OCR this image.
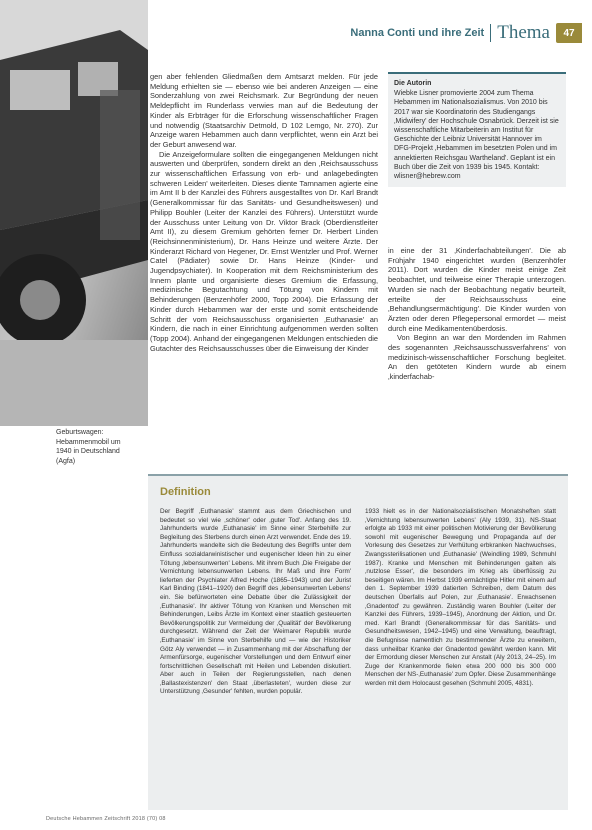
Nanna Conti und ihre Zeit Thema	47
Geburtswagen: Hebammenmobil um 1940 in Deutschland (Agfa)

gen aber fehlenden Gliedmaßen dem Amtsarzt melden. Für jede Meldung erhielten sie — ebenso wie bei anderen Anzeigen — eine Sonderzahlung von zwei Reichsmark. Zur Begründung der neuen Meldepflicht im Runderlass verwies man auf die Bedeutung der Kinder als Erbträger für die Erforschung wissenschaftlicher Fragen und notwendig (Staatsarchiv Detmold, D 102 Lemgo, Nr. 270). Zur Anzeige waren Hebammen auch dann verpflichtet, wenn ein Arzt bei der Geburt anwesend war.

Die Anzeigeformulare sollten die eingegangenen Meldungen nicht auswerten und überprüfen, sondern direkt an den ‚Reichsausschuss zur wissenschaftlichen Erfassung von erb- und anlagebedingten schweren Leiden' weiterleiten. Dieses diente Tarnnamen agierte eine im Amt II b der Kanzlei des Führers ausgestalltes von Dr. Karl Brandt (Generalkommissar für das Sanitäts- und Gesundheitswesen) und Philipp Bouhler (Leiter der Kanzlei des Führers). Unterstützt wurde der Ausschuss unter Leitung von Dr. Viktor Brack (Oberdienstleiter Amt II), zu diesem Gremium gehörten ferner Dr. Herbert Linden (Reichsinnenministerium), Dr. Hans Heinze und weitere Ärzte. Der Kinderarzt Richard von Hegener, Dr. Ernst Wentzler und Prof. Werner Catel (Pädiater) sowie Dr. Hans Heinze (Kinder- und Jugendpsychiater). In Kooperation mit dem Reichsministerium des Innern plante und organisierte dieses Gremium die Erfassung, medizinische Begutachtung und Tötung von Kindern mit Behinderungen (Benzenhöfer 2000, Topp 2004). Die Erfassung der Kinder durch Hebammen war der erste und somit entscheidende Schritt der vom Reichsausschuss organisierten ‚Euthanasie' an Kindern, die nach in einer Einrichtung aufgenommen werden sollten (Topp 2004). Anhand der eingegangenen Meldungen entschieden die Gutachter des Reichsausschusses über die Einweisung der Kinder

Die Autorin
Wiebke Lisner promovierte 2004 zum Thema Hebammen im Nationalsozialismus. Von 2010 bis 2017 war sie Koordinatorin des Studiengangs ‚Midwifery' der Hochschule Osnabrück. Derzeit ist sie wissenschaftliche Mitarbeiterin am Institut für Geschichte der Leibniz Universität Hannover im DFG-Projekt ‚Hebammen im besetzten Polen und im annektierten Reichsgau Wartheland'. Geplant ist ein Buch über die Zeit von 1939 bis 1945. Kontakt: wlisner@hebrew.com

in eine der 31 ‚Kinderfachabteilungen'. Die ab Frühjahr 1940 eingerichtet wurden (Benzenhöfer 2011). Dort wurden die Kinder meist einige Zeit beobachtet, und teilweise einer Therapie unterzogen. Wurden sie nach der Beobachtung negativ beurteilt, erteilte der Reichsausschuss eine ‚Behandlungsermächtigung'. Die Kinder wurden von Ärzten oder deren Pflegepersonal ermordet — meist durch eine Medikamentenüberdosis.

Von Beginn an war den Mordenden im Rahmen des sogenannten ‚Reichsausschussverfahrens' von medizinisch-wissenschaftlicher Forschung begleitet. An den getöteten Kindern wurde ab einem ‚kinderfachab-

Definition
Der Begriff ‚Euthanasie' stammt aus dem Griechischen und bedeutet so viel wie ‚schöner' oder ‚guter Tod'. Anfang des 19. Jahrhunderts wurde ‚Euthanasie' im Sinne einer Sterbehilfe zur Begleitung des Sterbens durch einen Arzt verwendet. Ende des 19. Jahrhunderts wandelte sich die Bedeutung des Begriffs unter dem Einfluss sozialdarwinistischer und eugenischer Ideen hin zu einer Tötung ‚lebensunwerten' Lebens. Mit ihrem Buch ‚Die Freigabe der Vernichtung lebensunwerten Lebens. Ihr Maß und ihre Form' lieferten der Psychiater Alfred Hoche (1865–1943) und der Jurist Karl Binding (1841–1920) den Begriff des ‚lebensunwerten Lebens' ein. Sie befürworteten eine Debatte über die Zulässigkeit der ‚Euthanasie'. Ihr aktiver Tötung von Kranken und Menschen mit Behinderungen, Leibs Ärzte im Kontext einer staatlich gesteuerten Bevölkerungspolitik zur Vermeidung der ‚Qualität' der Bevölkerung durchgesetzt. Während der Zeit der Weimarer Republik wurde ‚Euthanasie' im Sinne von Sterbehilfe und — wie der Historiker Götz Aly verwendet — in Zusammenhang mit der Abschaffung der Armenfürsorge, eugenischer Vorstellungen und dem Entwurf einer fortschrittlichen Gesellschaft mit Heilen und Lebenden diskutiert. Aber auch in Teilen der Regierungsstellen, nach denen ‚Ballastexistenzen' den Staat ‚überlasteten', wurden diese zur Unterstützung ‚Gesunder' fehlten, wurden populär.
1933 hielt es in der Nationalsozialistischen Monatsheften statt ‚Vernichtung lebensunwerten Lebens' (Aly 1939, 31). NS-Staat erfolgte ab 1933 mit einer politischen Motivierung der Bevölkerung sowohl mit eugenischer Bewegung und Propaganda auf der Vorlesung des Gesetzes zur Verhütung erbkranken Nachwuchses, Zwangssterilisationen und ‚Euthanasie' (Weindling 1989, Schmuhl 1987). Kranke und Menschen mit Behinderungen galten als ‚nutzlose Esser', die besonders im Krieg als überflüssig zu beseitigen wären. Im Herbst 1939 ermächtigte Hitler mit einem auf den 1. September 1939 datierten Schreiben, dem Datum des deutschen Überfalls auf Polen, zur ‚Euthanasie'. Erwachsenen ‚Gnadentod' zu gewähren. Zuständig waren Bouhler (Leiter der Kanzlei des Führers, 1939–1945), Anordnung der Aktion, und Dr. med. Karl Brandt (Generalkommissar für das Sanitäts- und Gesundheitswesen, 1942–1945) und eine Verwaltung, beauftragt, die Befugnisse namentlich zu bestimmender Ärzte zu erweitern, dass unheilbar Kranke der Gnadentod gewährt werden kann. Mit der Ermordung dieser Menschen zur Anstalt (Aly 2013, 24–25). Im Zuge der Krankenmorde fielen etwa 200 000 bis 300 000 Menschen der NS-‚Euthanasie' zum Opfer. Diese Zusammenhänge werden mit dem Holocaust gesehen (Schmuhl 2005, 4831).
Deutsche Hebammen Zeitschrift 2018 (70) 08
